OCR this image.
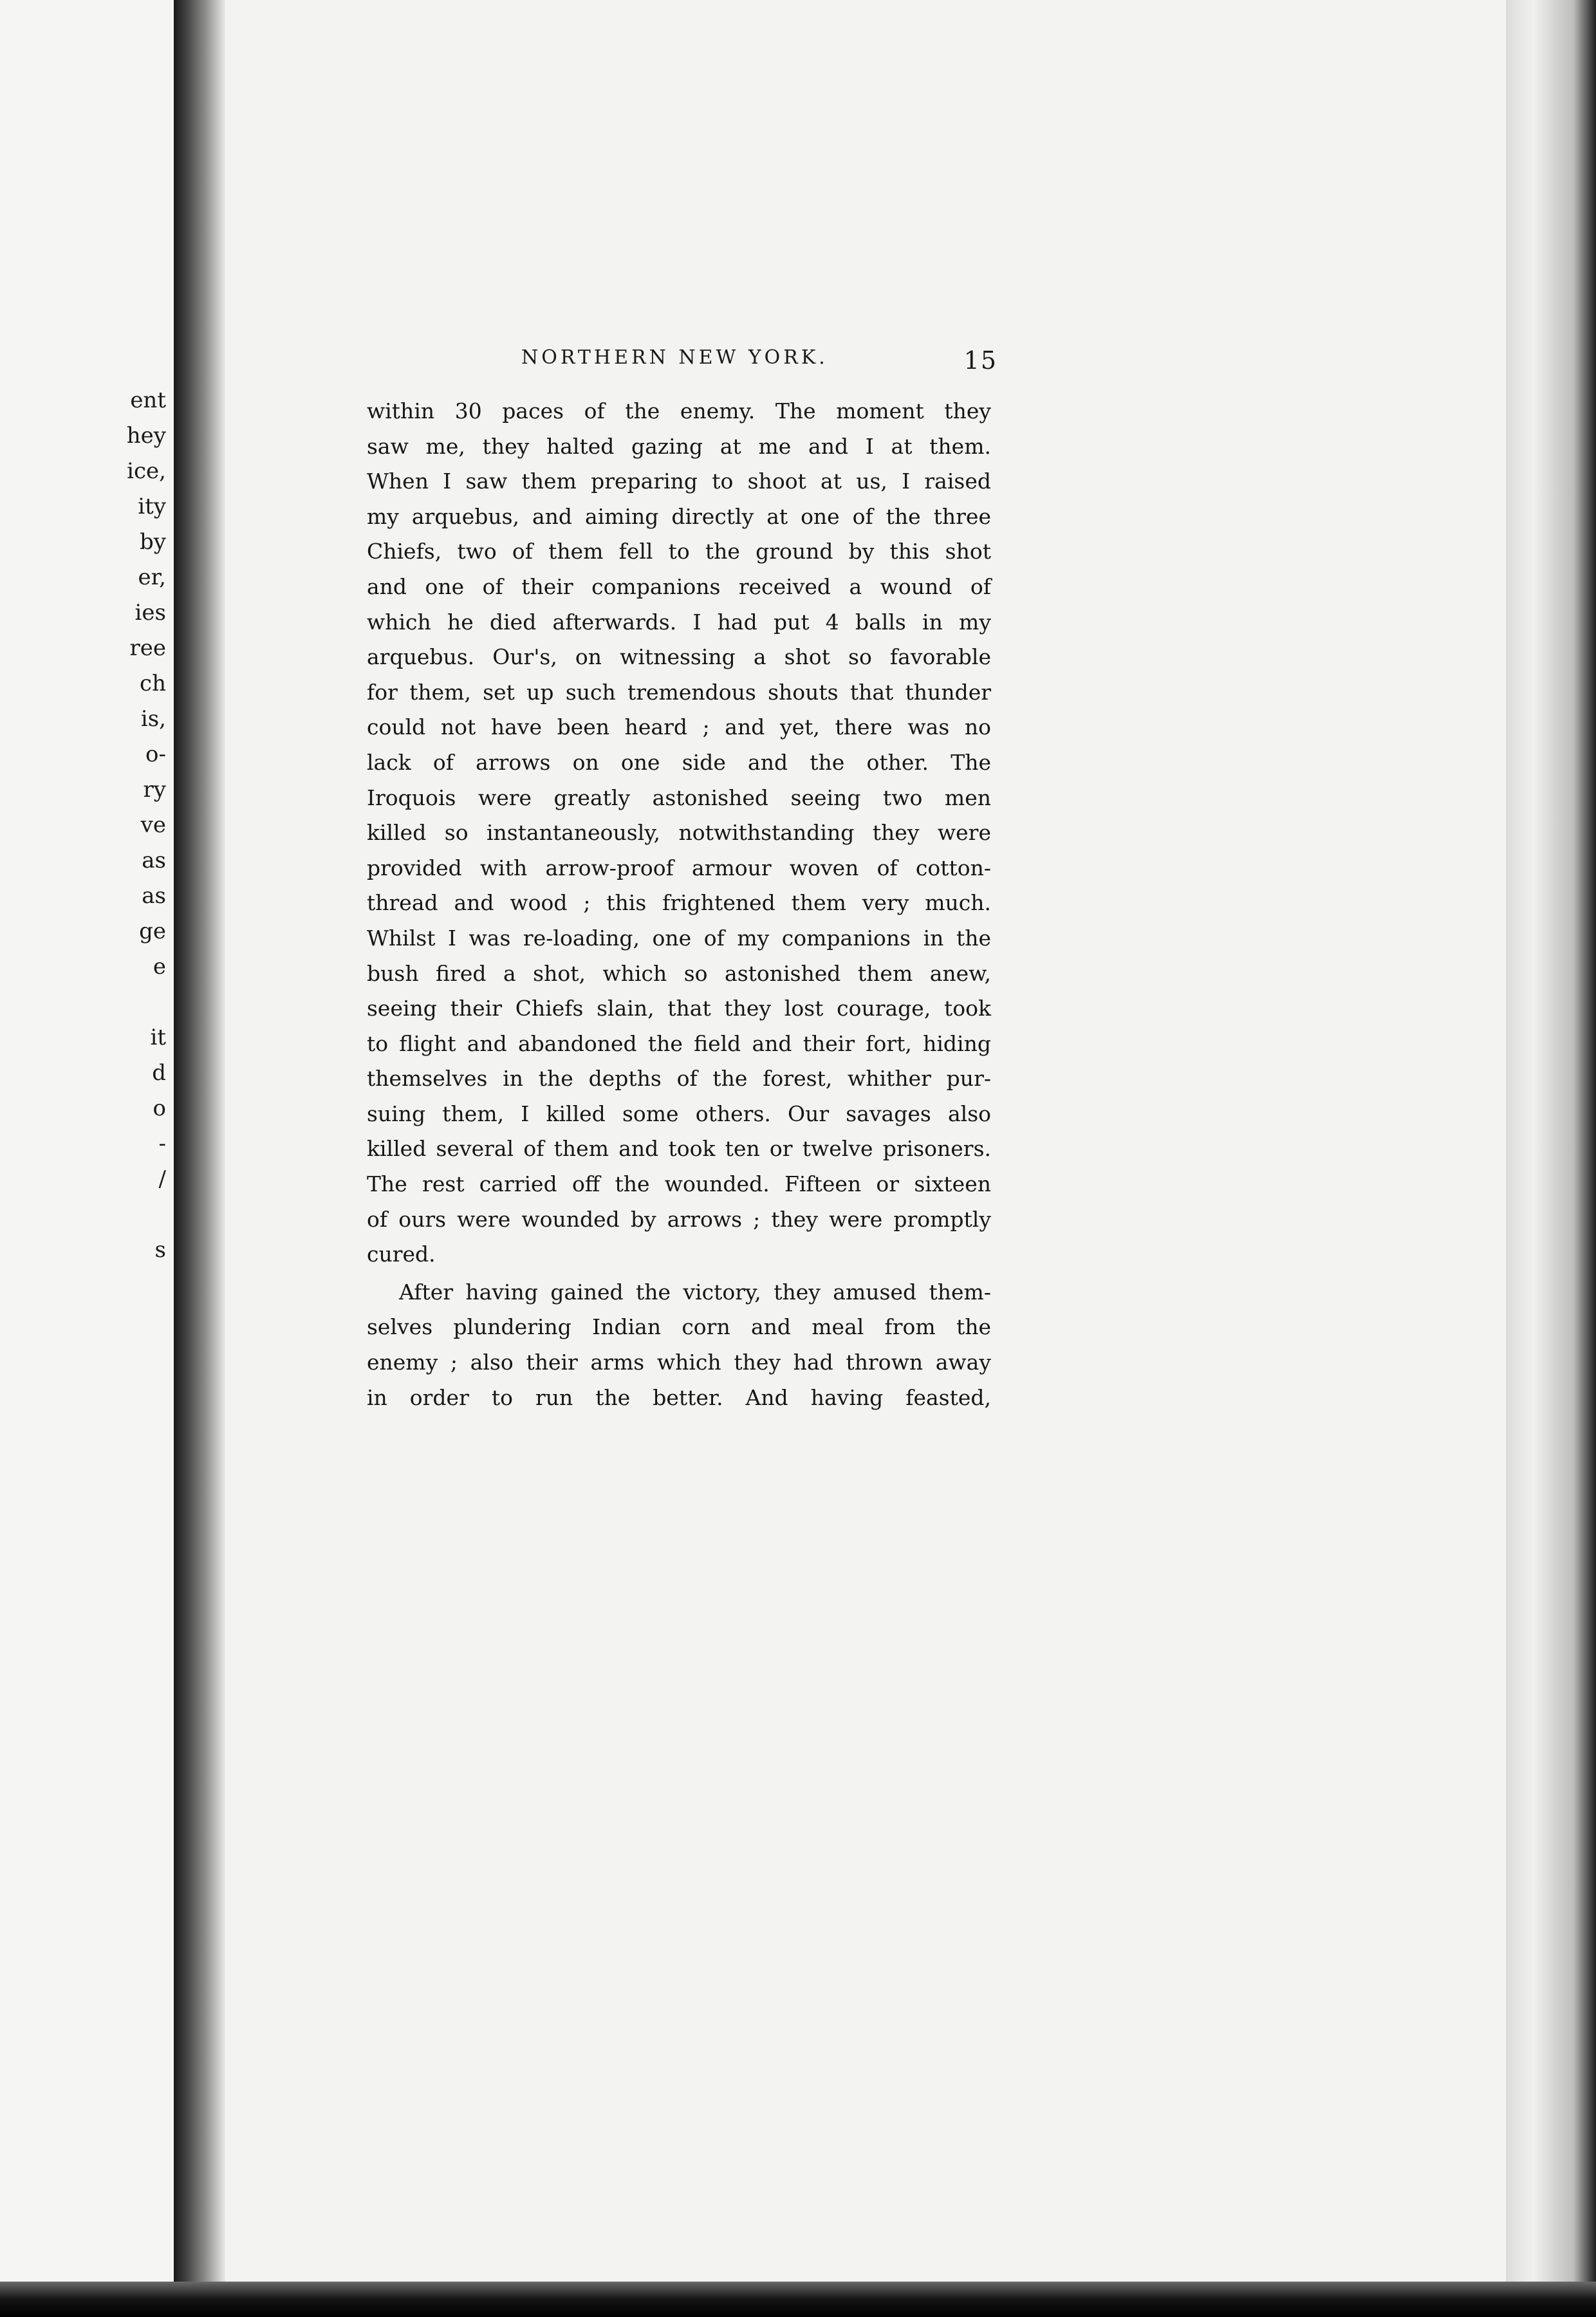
ent
hey
ice,
ity
by
er,
ies
ree
ch
is,
o-
ry
ve
as
as
ge
e

it
d
o
-
/

s
NORTHERN NEW YORK.	15

within 30 paces of the enemy. The moment they
saw me, they halted gazing at me and I at them.
When I saw them preparing to shoot at us, I raised
my arquebus, and aiming directly at one of the three
Chiefs, two of them fell to the ground by this shot
and one of their companions received a wound of
which he died afterwards. I had put 4 balls in my
arquebus. Our's, on witnessing a shot so favorable
for them, set up such tremendous shouts that thunder
could not have been heard ; and yet, there was no
lack of arrows on one side and the other. The
Iroquois were greatly astonished seeing two men
killed so instantaneously, notwithstanding they were
provided with arrow-proof armour woven of cotton-
thread and wood ; this frightened them very much.
Whilst I was re-loading, one of my companions in the
bush fired a shot, which so astonished them anew,
seeing their Chiefs slain, that they lost courage, took
to flight and abandoned the field and their fort, hiding
themselves in the depths of the forest, whither pur-
suing them, I killed some others. Our savages also
killed several of them and took ten or twelve prisoners.
The rest carried off the wounded. Fifteen or sixteen
of ours were wounded by arrows ; they were promptly
cured.

After having gained the victory, they amused them-
selves plundering Indian corn and meal from the
enemy ; also their arms which they had thrown away
in order to run the better. And having feasted,
